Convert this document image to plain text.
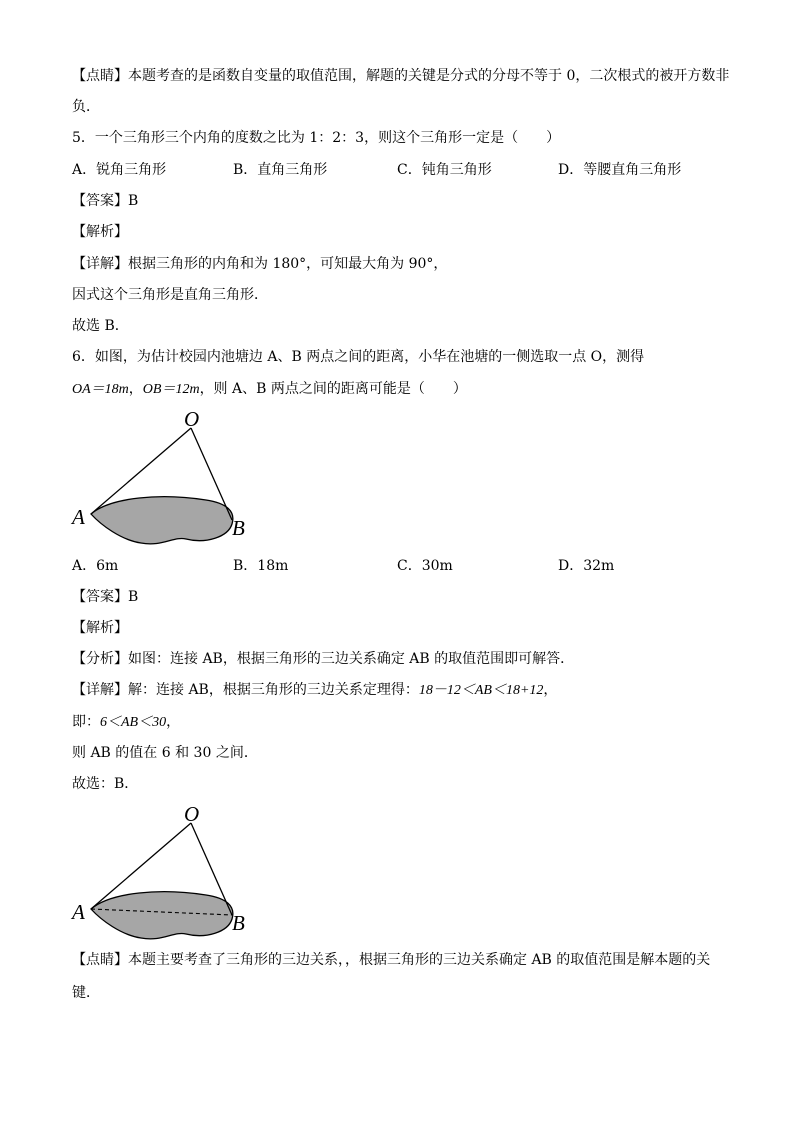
【点睛】本题考查的是函数自变量的取值范围，解题的关键是分式的分母不等于 0，二次根式的被开方数非
负．
5．一个三角形三个内角的度数之比为 1：2：3，则这个三角形一定是（　　）
A．锐角三角形	B．直角三角形	C．钝角三角形	D．等腰直角三角形
【答案】B
【解析】
【详解】根据三角形的内角和为 180°，可知最大角为 90°，
因式这个三角形是直角三角形．
故选 B．
6．如图，为估计校园内池塘边 A、B 两点之间的距离，小华在池塘的一侧选取一点 O，测得
OA＝18m，OB＝12m，则 A、B 两点之间的距离可能是（　　）
O
A	B
A．6m	B．18m	C．30m	D．32m
【答案】B
【解析】
【分析】如图：连接 AB，根据三角形的三边关系确定 AB 的取值范围即可解答．
【详解】解：连接 AB，根据三角形的三边关系定理得：18－12＜AB＜18+12，
即：6＜AB＜30，
则 AB 的值在 6 和 30 之间．
故选：B．
O
A	B
【点睛】本题主要考查了三角形的三边关系，，根据三角形的三边关系确定 AB 的取值范围是解本题的关
键．
